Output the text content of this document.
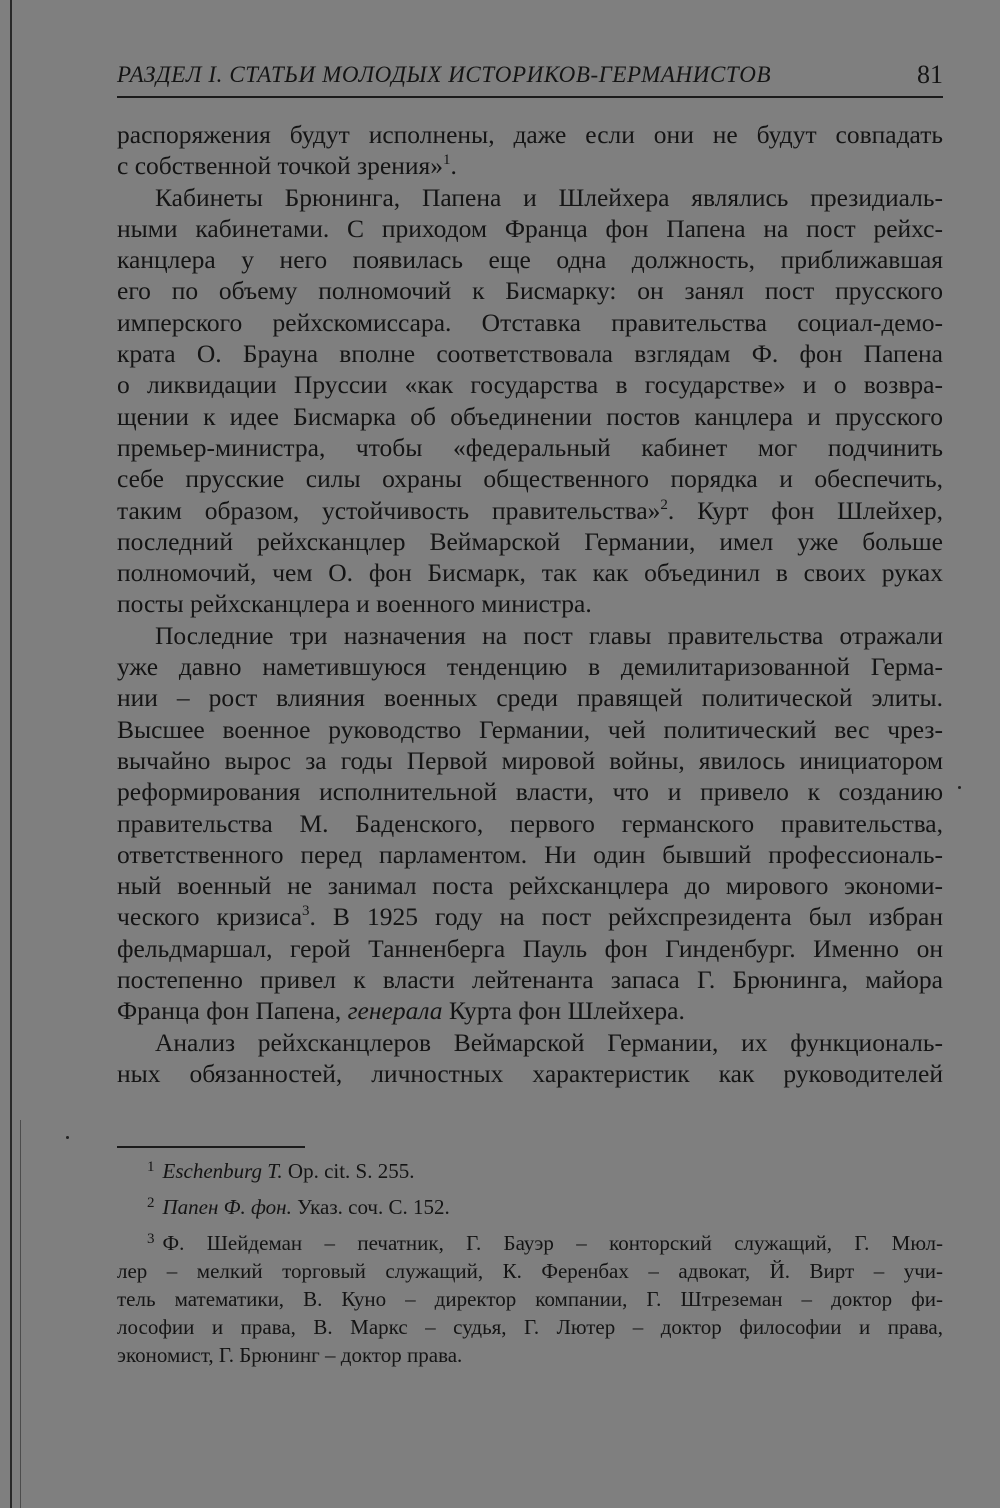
РАЗДЕЛ I. СТАТЬИ МОЛОДЫХ ИСТОРИКОВ-ГЕРМАНИСТОВ	81
распоряжения будут исполнены, даже если они не будут совпадать
с собственной точкой зрения»$^1$.
Кабинеты Брюнинга, Папена и Шлейхера являлись президиаль-
ными кабинетами. С приходом Франца фон Папена на пост рейхс-
канцлера у него появилась еще одна должность, приближавшая
его по объему полномочий к Бисмарку: он занял пост прусского
имперского рейхскомиссара. Отставка правительства социал-демо-
крата О. Брауна вполне соответствовала взглядам Ф. фон Папена
о ликвидации Пруссии «как государства в государстве» и о возвра-
щении к идее Бисмарка об объединении постов канцлера и прусского
премьер-министра, чтобы «федеральный кабинет мог подчинить
себе прусские силы охраны общественного порядка и обеспечить,
таким образом, устойчивость правительства»$^2$. Курт фон Шлейхер,
последний рейхсканцлер Веймарской Германии, имел уже больше
полномочий, чем О. фон Бисмарк, так как объединил в своих руках
посты рейхсканцлера и военного министра.
Последние три назначения на пост главы правительства отражали
уже давно наметившуюся тенденцию в демилитаризованной Герма-
нии – рост влияния военных среди правящей политической элиты.
Высшее военное руководство Германии, чей политический вес чрез-
вычайно вырос за годы Первой мировой войны, явилось инициатором
реформирования исполнительной власти, что и привело к созданию
правительства М. Баденского, первого германского правительства,
ответственного перед парламентом. Ни один бывший профессиональ-
ный военный не занимал поста рейхсканцлера до мирового экономи-
ческого кризиса$^3$. В 1925 году на пост рейхспрезидента был избран
фельдмаршал, герой Танненберга Пауль фон Гинденбург. Именно он
постепенно привел к власти лейтенанта запаса Г. Брюнинга, майора
Франца фон Папена, генерала Курта фон Шлейхера.
Анализ рейхсканцлеров Веймарской Германии, их функциональ-
ных обязанностей, личностных характеристик как руководителей
$^1$ Eschenburg T. Op. cit. S. 255.
$^2$ Папен Ф. фон. Указ. соч. С. 152.
$^3$ Ф. Шейдеман – печатник, Г. Бауэр – конторский служащий, Г. Мюл-
лер – мелкий торговый служащий, К. Ференбах – адвокат, Й. Вирт – учи-
тель математики, В. Куно – директор компании, Г. Штреземан – доктор фи-
лософии и права, В. Маркс – судья, Г. Лютер – доктор философии и права,
экономист, Г. Брюнинг – доктор права.
